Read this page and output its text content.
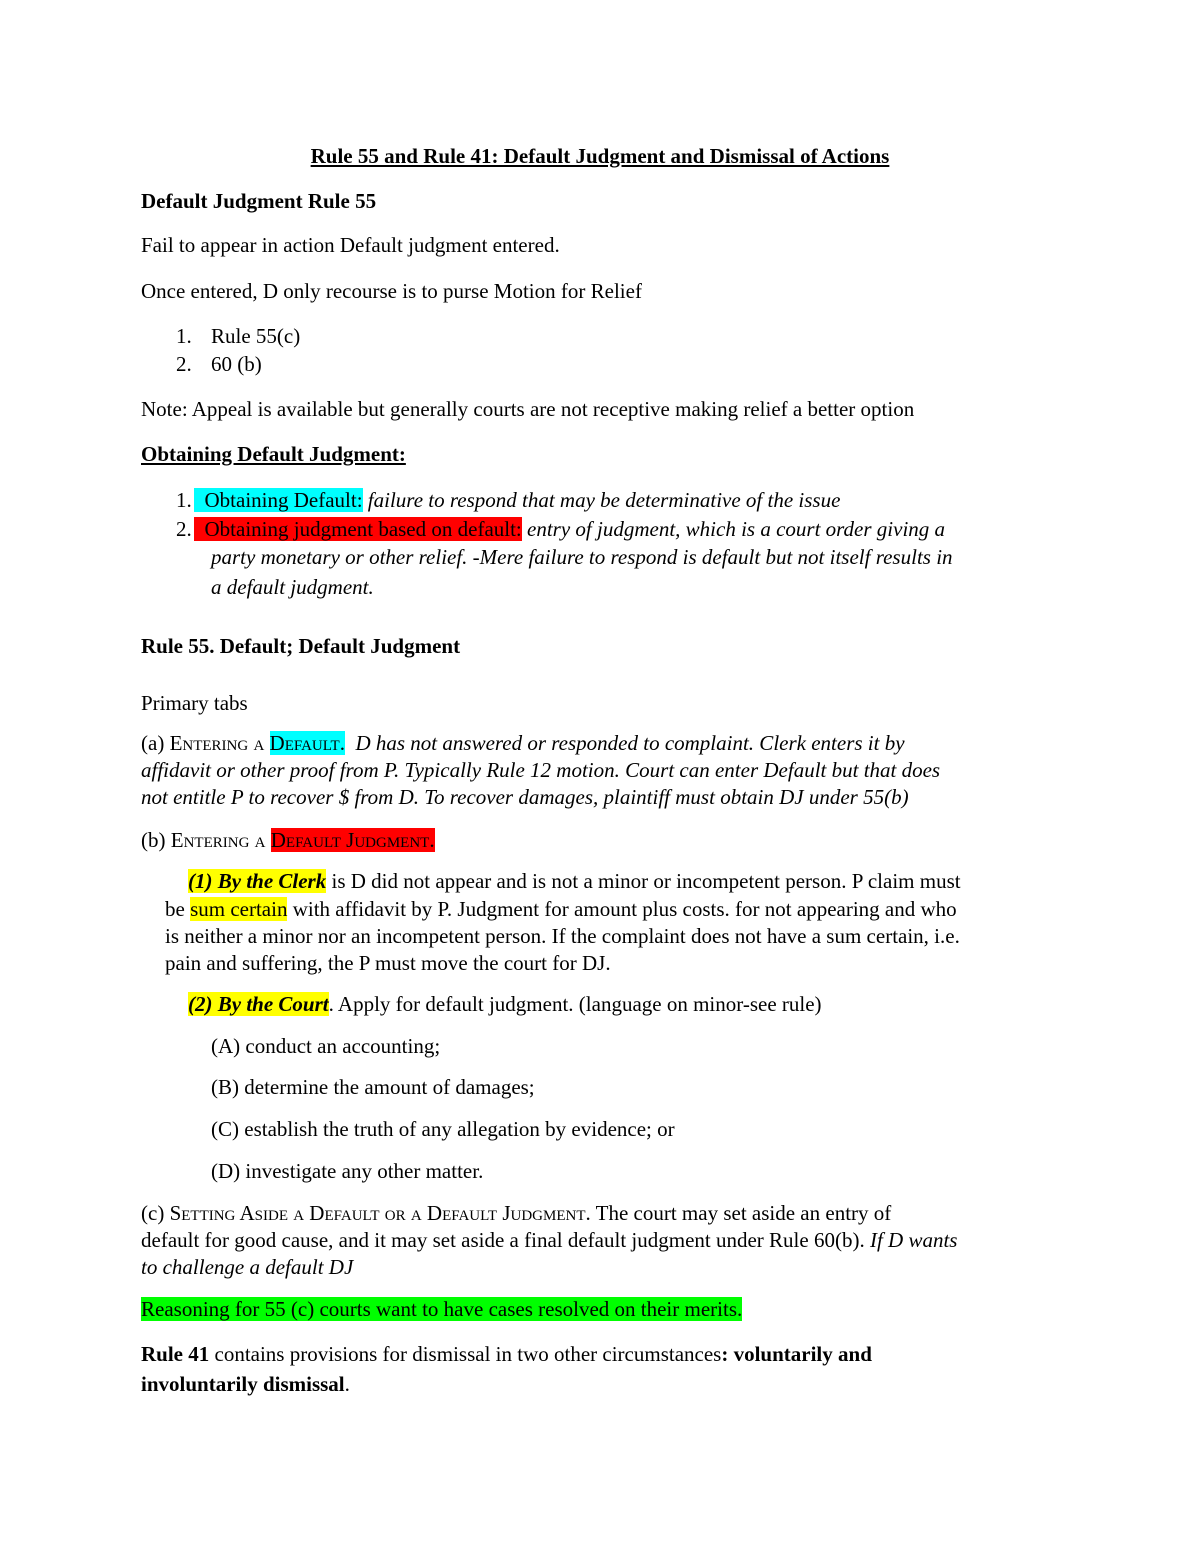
Rule 55 and Rule 41: Default Judgment and Dismissal of Actions
Default Judgment Rule 55
Fail to appear in action Default judgment entered.
Once entered, D only recourse is to purse Motion for Relief
1. Rule 55(c)
2. 60 (b)
Note: Appeal is available but generally courts are not receptive making relief a better option
Obtaining Default Judgment:
1. Obtaining Default: failure to respond that may be determinative of the issue
2. Obtaining judgment based on default: entry of judgment, which is a court order giving a
party monetary or other relief. -Mere failure to respond is default but not itself results in
a default judgment.
Rule 55. Default; Default Judgment
Primary tabs
(a) Entering a Default.  D has not answered or responded to complaint. Clerk enters it by
affidavit or other proof from P. Typically Rule 12 motion. Court can enter Default but that does
not entitle P to recover $ from D. To recover damages, plaintiff must obtain DJ under 55(b)
(b) Entering a Default Judgment.
(1) By the Clerk is D did not appear and is not a minor or incompetent person. P claim must
be sum certain with affidavit by P. Judgment for amount plus costs. for not appearing and who
is neither a minor nor an incompetent person. If the complaint does not have a sum certain, i.e.
pain and suffering, the P must move the court for DJ.
(2) By the Court. Apply for default judgment. (language on minor-see rule)
(A) conduct an accounting;
(B) determine the amount of damages;
(C) establish the truth of any allegation by evidence; or
(D) investigate any other matter.
(c) Setting Aside a Default or a Default Judgment. The court may set aside an entry of
default for good cause, and it may set aside a final default judgment under Rule 60(b). If D wants
to challenge a default DJ
Reasoning for 55 (c) courts want to have cases resolved on their merits.
Rule 41 contains provisions for dismissal in two other circumstances: voluntarily and
involuntarily dismissal.
